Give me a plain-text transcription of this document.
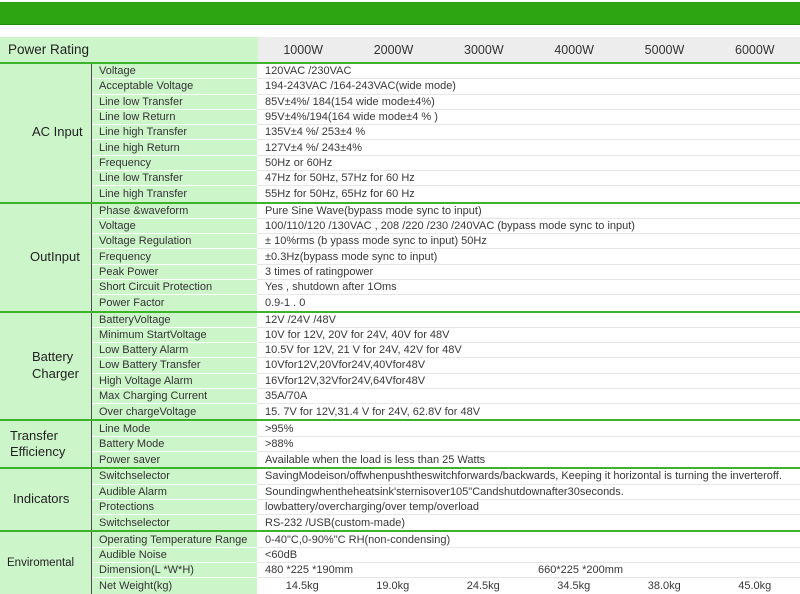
Power Rating	1000W	2000W	3000W	4000W	5000W	6000W
AC Input
Voltage	120VAC /230VAC
Acceptable Voltage	194-243VAC /164-243VAC(wide mode)
Line low Transfer	85V±4%/ 184(154 wide mode±4%)
Line low Return	95V±4%/194(164 wide mode±4 % )
Line high Transfer	135V±4 %/ 253±4 %
Line high Return	127V±4 %/ 243±4%
Frequency	50Hz or 60Hz
Line low Transfer	47Hz for 50Hz, 57Hz for 60 Hz
Line high Transfer	55Hz for 50Hz, 65Hz for 60 Hz
OutInput
Phase &waveform	Pure Sine Wave(bypass mode sync to input)
Voltage	100/110/120 /130VAC , 208 /220 /230 /240VAC (bypass mode sync to input)
Voltage Regulation	± 10%rms (b ypass mode sync to input) 50Hz
Frequency	±0.3Hz(bypass mode sync to input)
Peak Power	3 times of ratingpower
Short Circuit Protection	Yes , shutdown after 1Oms
Power Factor	0.9-1 . 0
Battery Charger
BatteryVoltage	12V /24V /48V
Minimum StartVoltage	10V for 12V, 20V for 24V, 40V for 48V
Low Battery Alarm	10.5V for 12V, 21 V for 24V, 42V for 48V
Low Battery Transfer	10Vfor12V,20Vfor24V,40Vfor48V
High Voltage Alarm	16Vfor12V,32Vfor24V,64Vfor48V
Max Charging Current	35A/70A
Over chargeVoltage	15. 7V for 12V,31.4 V for 24V, 62.8V for 48V
Transfer Efficiency
Line Mode	>95%
Battery Mode	>88%
Power saver	Available when the load is less than 25 Watts
Indicators
Switchselector	SavingModeison/offwhenpushtheswitchforwards/backwards, Keeping it horizontal is turning the inverteroff.
Audible Alarm	Soundingwhentheheatsink'sternisover105"Candshutdownafter30seconds.
Protections	lowbattery/overcharging/over temp/overload
Switchselector	RS-232 /USB(custom-made)
Enviromental
Operating Temperature Range	0-40"C,0-90%"C RH(non-condensing)
Audible Noise	<60dB
Dimension(L *W*H)	480 *225 *190mm	660*225 *200mm
Net Weight(kg)	14.5kg	19.0kg	24.5kg	34.5kg	38.0kg	45.0kg
